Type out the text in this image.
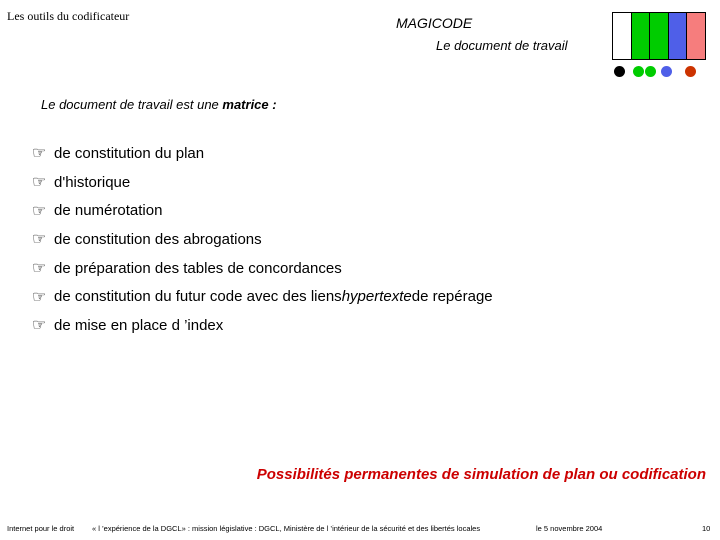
Les outils du codificateur	MAGICODE
Le document de travail
Le document de travail est une matrice :
☞ de constitution du plan
☞ d'historique
☞ de numérotation
☞ de constitution des abrogations
☞ de préparation des tables de concordances
☞ de constitution du futur code avec des liens hypertexte de repérage
☞ de mise en place d ’index
Possibilités permanentes de simulation de plan ou codification
Internet pour le droit « l ’expérience de la DGCL» : mission législative : DGCL, Ministère de l ’intérieur de la sécurité et des libertés locales	le 5 novembre 2004	10
